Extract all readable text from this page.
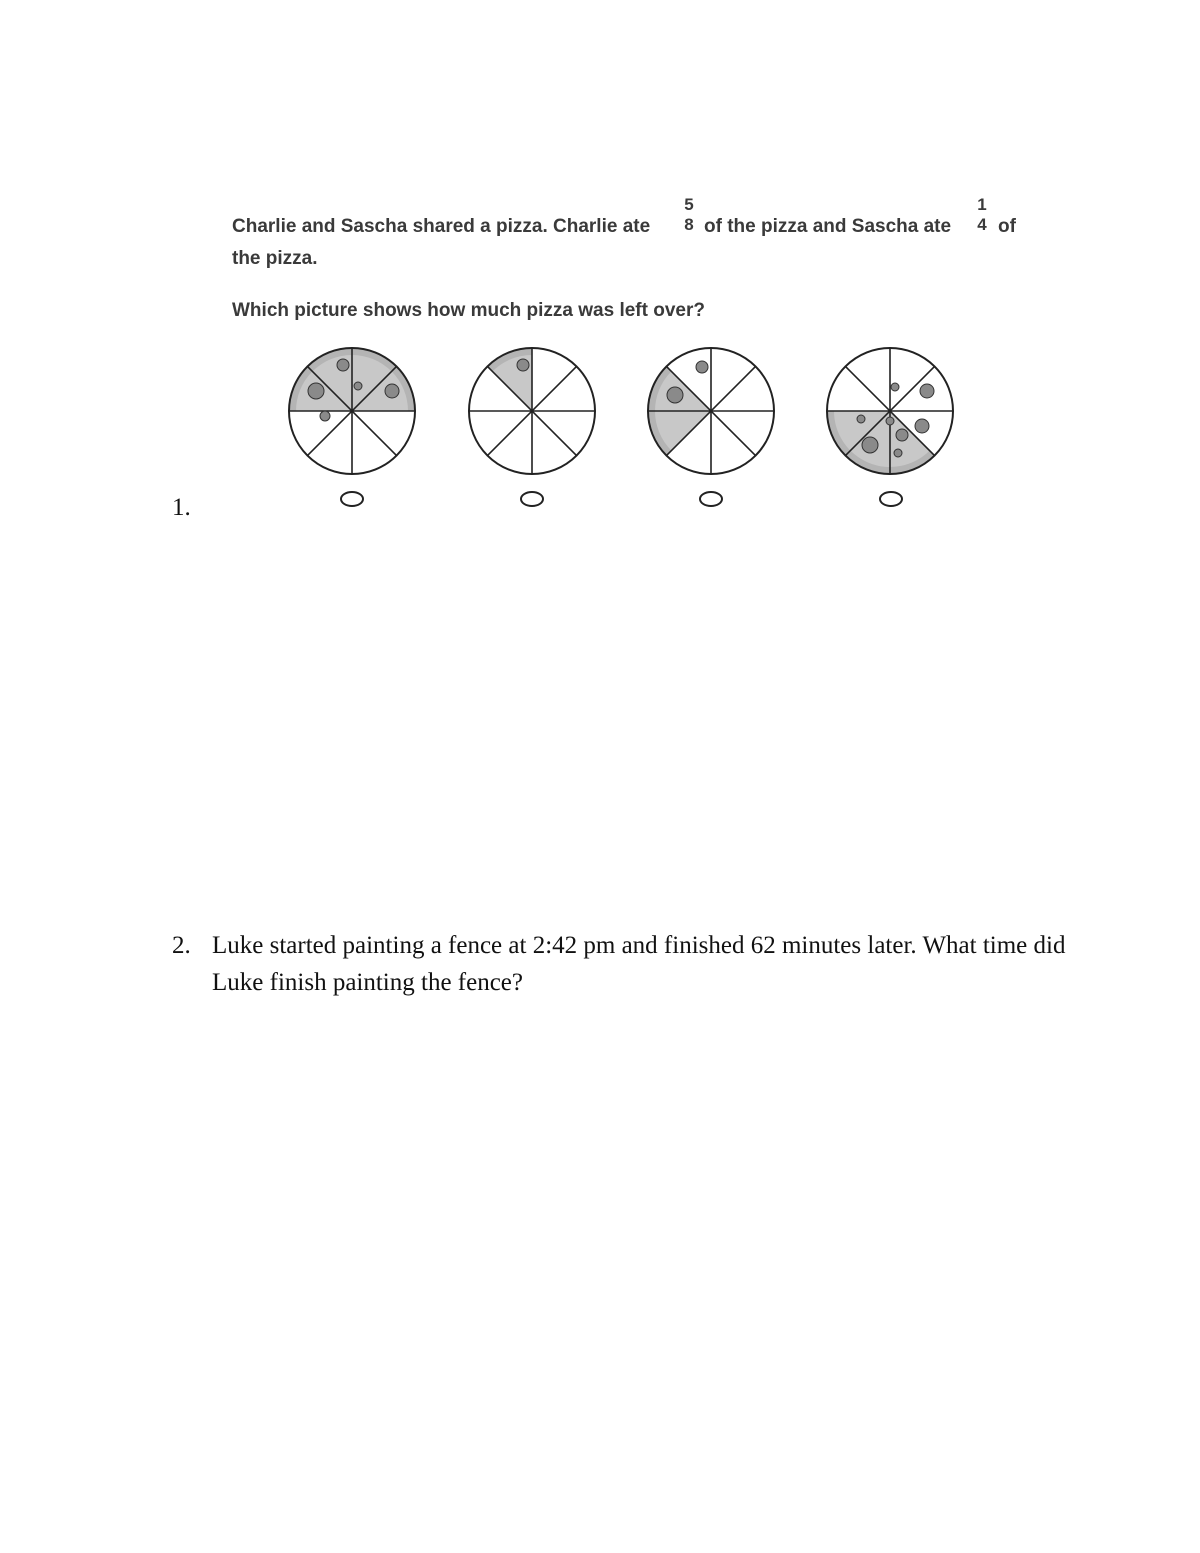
1.
Charlie and Sascha shared a pizza. Charlie ate
5
8 of the pizza and Sascha ate
1
4 of
the pizza.
Which picture shows how much pizza was left over?
2. Luke started painting a fence at 2:42 pm and finished 62 minutes later. What time did Luke finish painting the fence?
